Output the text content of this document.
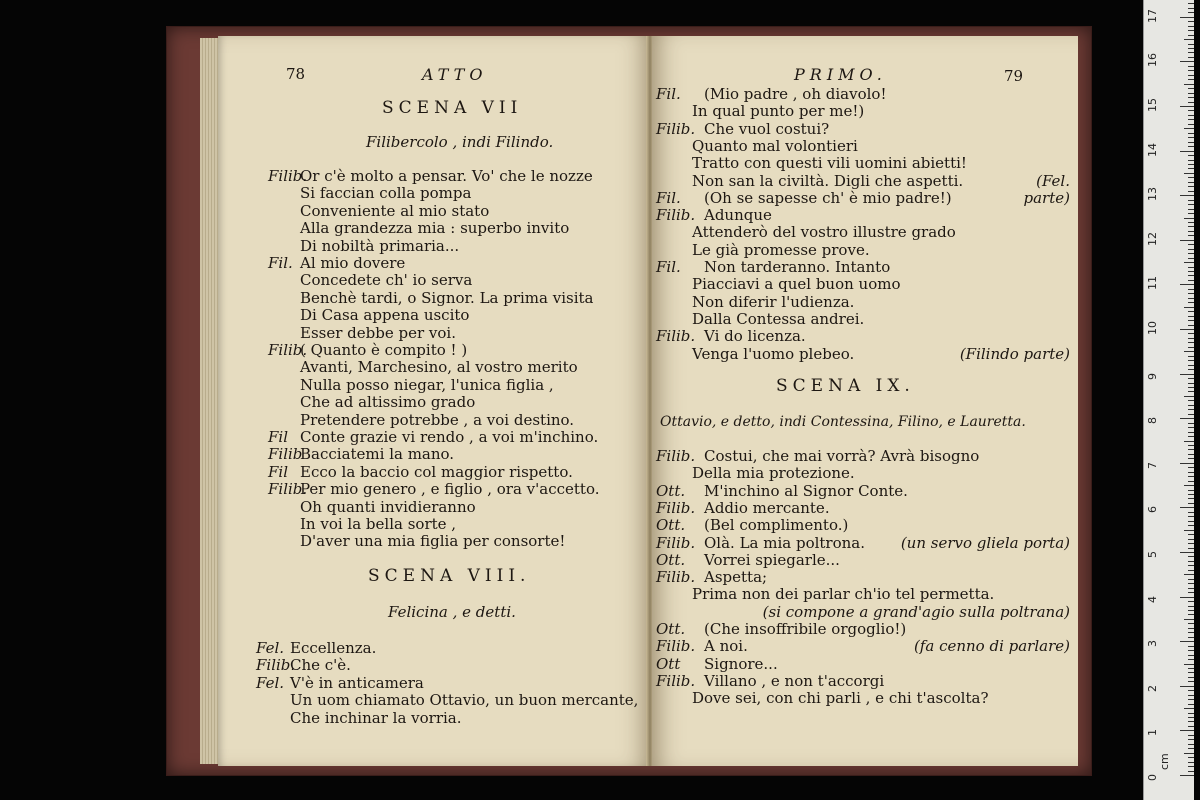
78	ATTO
SCENA VII
Filibercolo , indi Filindo.
Filib.
Or c'è molto a pensar. Vo' che le nozze
Si faccian colla pompa
Conveniente al mio stato
Alla grandezza mia : superbo invito
Di nobiltà primaria...
Fil. Al mio dovere
Concedete ch' io serva
Benchè tardi, o Signor. La prima visita
Di Casa appena uscito
Esser debbe per voi.
Filib.
( Quanto è compito ! )
Avanti, Marchesino, al vostro merito
Nulla posso niegar, l'unica figlia ,
Che ad altissimo grado
Pretendere potrebbe , a voi destino.
Fil Conte grazie vi rendo , a voi m'inchino.
Filib
Bacciatemi la mano.
Fil Ecco la baccio col maggior rispetto.
Filib.
Per mio genero , e figlio , ora v'accetto.
Oh quanti invidieranno
In voi la bella sorte ,
D'aver una mia figlia per consorte!
SCENA VIII.
Felicina , e detti.
Fel. Eccellenza.
Filib.
Che c'è.
Fel. V'è in anticamera
Un uom chiamato Ottavio, un buon mercante,
Che inchinar la vorria.
PRIMO.	79
Fil. (Mio padre , oh diavolo!
In qual punto per me!)
Filib. Che vuol costui?
Quanto mal volontieri
Tratto con questi vili uomini abietti!
Non san la civiltà. Digli che aspetti.	(Fel.
Fil. (Oh se sapesse ch' è mio padre!)	parte)
Filib. Adunque
Attenderò del vostro illustre grado
Le già promesse prove.
Fil. Non tarderanno. Intanto
Piacciavi a quel buon uomo
Non diferir l'udienza.
Dalla Contessa andrei.
Filib. Vi do licenza.
Venga l'uomo plebeo.	(Filindo parte)
SCENA IX.
Ottavio, e detto, indi Contessina, Filino, e Lauretta.
Filib. Costui, che mai vorrà? Avrà bisogno
Della mia protezione.
Ott. M'inchino al Signor Conte.
Filib. Addio mercante.
Ott. (Bel complimento.)
Filib. Olà. La mia poltrona. (un servo gliela porta)
Ott. Vorrei spiegarle...
Filib. Aspetta;
Prima non dei parlar ch'io tel permetta.
(si compone a grand'agio sulla poltrana)
Ott. (Che insoffribile orgoglio!)
Filib. A noi.	(fa cenno di parlare)
Ott Signore...
Filib. Villano , e non t'accorgi
Dove sei, con chi parli , e chi t'ascolta?
0
1
2
3
4
5
6
7
8
9
10
11
12
13
14
15
16
17
cm
